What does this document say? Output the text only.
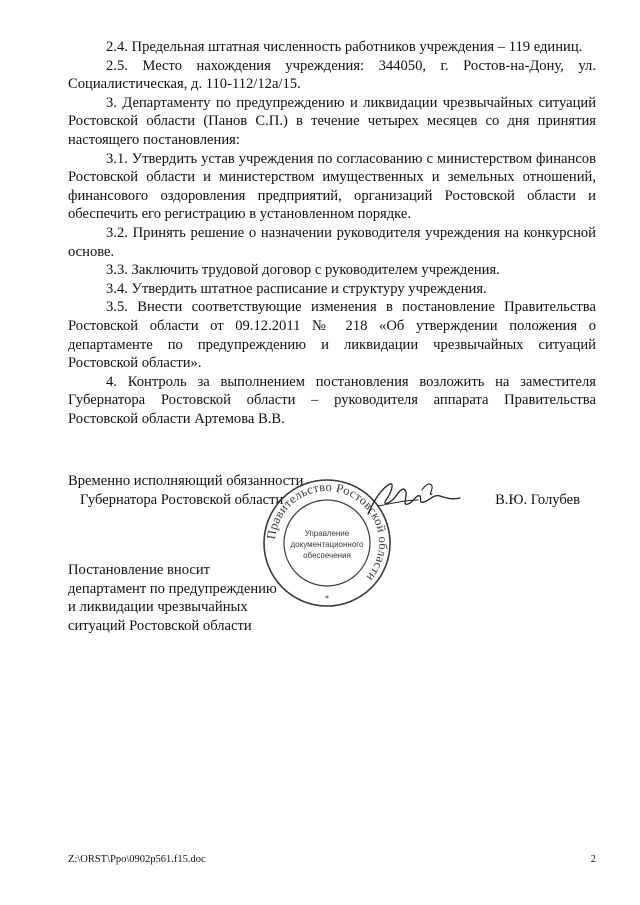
2.4. Предельная штатная численность работников учреждения – 119 единиц.

2.5. Место нахождения учреждения: 344050, г. Ростов-на-Дону, ул. Социалистическая, д. 110-112/12а/15.

3. Департаменту по предупреждению и ликвидации чрезвычайных ситуаций Ростовской области (Панов С.П.) в течение четырех месяцев со дня принятия настоящего постановления:

3.1. Утвердить устав учреждения по согласованию с министерством финансов Ростовской области и министерством имущественных и земельных отношений, финансового оздоровления предприятий, организаций Ростовской области и обеспечить его регистрацию в установленном порядке.

3.2. Принять решение о назначении руководителя учреждения на конкурсной основе.

3.3. Заключить трудовой договор с руководителем учреждения.

3.4. Утвердить штатное расписание и структуру учреждения.

3.5. Внести соответствующие изменения в постановление Правительства Ростовской области от 09.12.2011 № 218 «Об утверждении положения о департаменте по предупреждению и ликвидации чрезвычайных ситуаций Ростовской области».

4. Контроль за выполнением постановления возложить на заместителя Губернатора Ростовской области – руководителя аппарата Правительства Ростовской области Артемова В.В.

Временно исполняющий обязанности
Губернатора Ростовской области	В.Ю. Голубев
Правительство Ростовской области
Управление
документационного
обеспечения
*
Постановление вносит
департамент по предупреждению
и ликвидации чрезвычайных
ситуаций Ростовской области
Z:\ORST\Ppo\0902p561.f15.doc	2
